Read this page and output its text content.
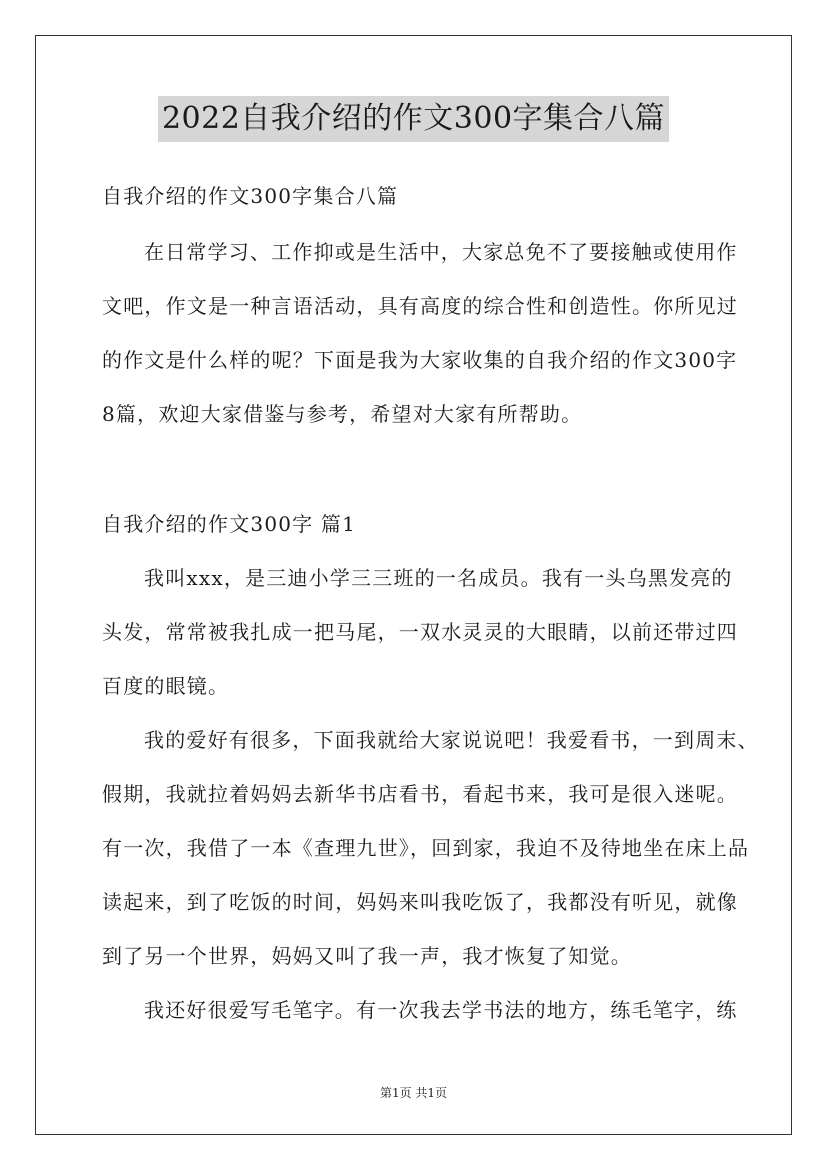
2022自我介绍的作文300字集合八篇
自我介绍的作文300字集合八篇
在日常学习、工作抑或是生活中，大家总免不了要接触或使用作
文吧，作文是一种言语活动，具有高度的综合性和创造性。你所见过
的作文是什么样的呢？下面是我为大家收集的自我介绍的作文300字
8篇，欢迎大家借鉴与参考，希望对大家有所帮助。
自我介绍的作文300字 篇1
我叫xxx，是三迪小学三三班的一名成员。我有一头乌黑发亮的
头发，常常被我扎成一把马尾，一双水灵灵的大眼睛，以前还带过四
百度的眼镜。
我的爱好有很多，下面我就给大家说说吧！我爱看书，一到周末、
假期，我就拉着妈妈去新华书店看书，看起书来，我可是很入迷呢。
有一次，我借了一本《查理九世》，回到家，我迫不及待地坐在床上品
读起来，到了吃饭的时间，妈妈来叫我吃饭了，我都没有听见，就像
到了另一个世界，妈妈又叫了我一声，我才恢复了知觉。
我还好很爱写毛笔字。有一次我去学书法的地方，练毛笔字，练
第1页 共1页
